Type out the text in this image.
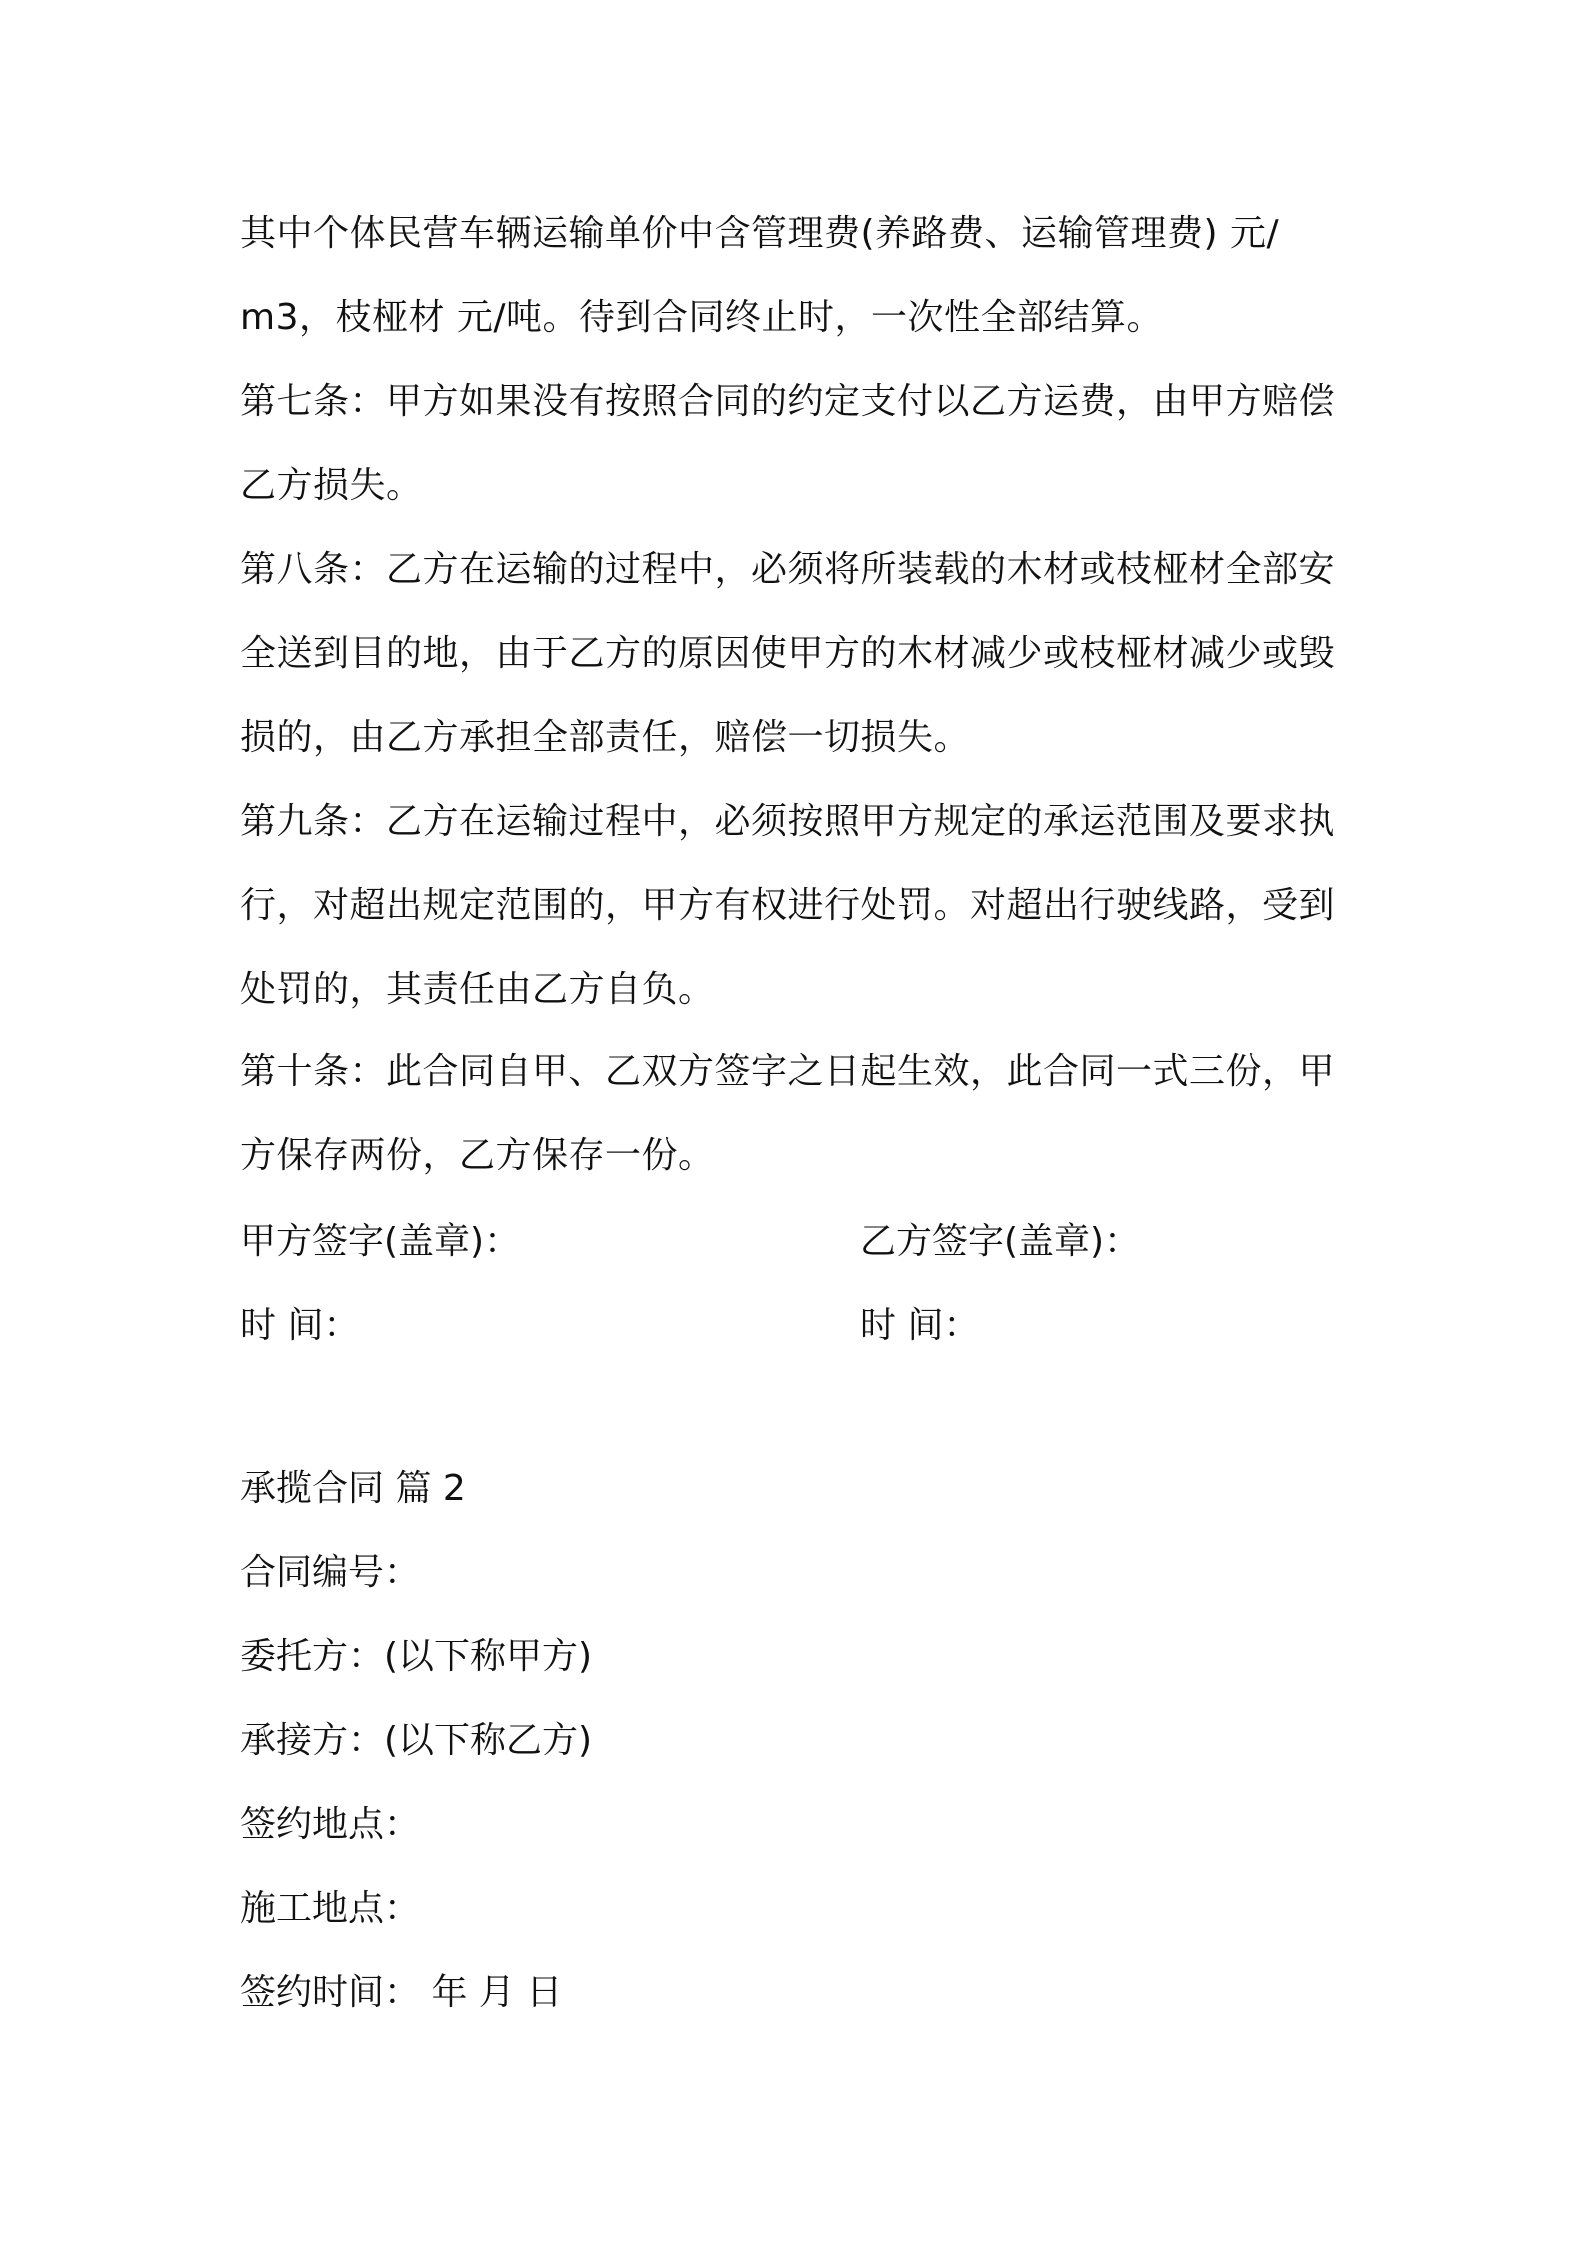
其中个体民营车辆运输单价中含管理费(养路费、运输管理费) 元/
m3，枝桠材 元/吨。待到合同终止时，一次性全部结算。
第七条：甲方如果没有按照合同的约定支付以乙方运费，由甲方赔偿
乙方损失。
第八条：乙方在运输的过程中，必须将所装载的木材或枝桠材全部安
全送到目的地，由于乙方的原因使甲方的木材减少或枝桠材减少或毁
损的，由乙方承担全部责任，赔偿一切损失。
第九条：乙方在运输过程中，必须按照甲方规定的承运范围及要求执
行，对超出规定范围的，甲方有权进行处罚。对超出行驶线路，受到
处罚的，其责任由乙方自负。
第十条：此合同自甲、乙双方签字之日起生效，此合同一式三份，甲
方保存两份，乙方保存一份。
甲方签字(盖章)：	乙方签字(盖章)：
时 间：	时 间：
承揽合同 篇 2
合同编号：
委托方：(以下称甲方)
承接方：(以下称乙方)
签约地点：
施工地点：
签约时间： 年 月 日
